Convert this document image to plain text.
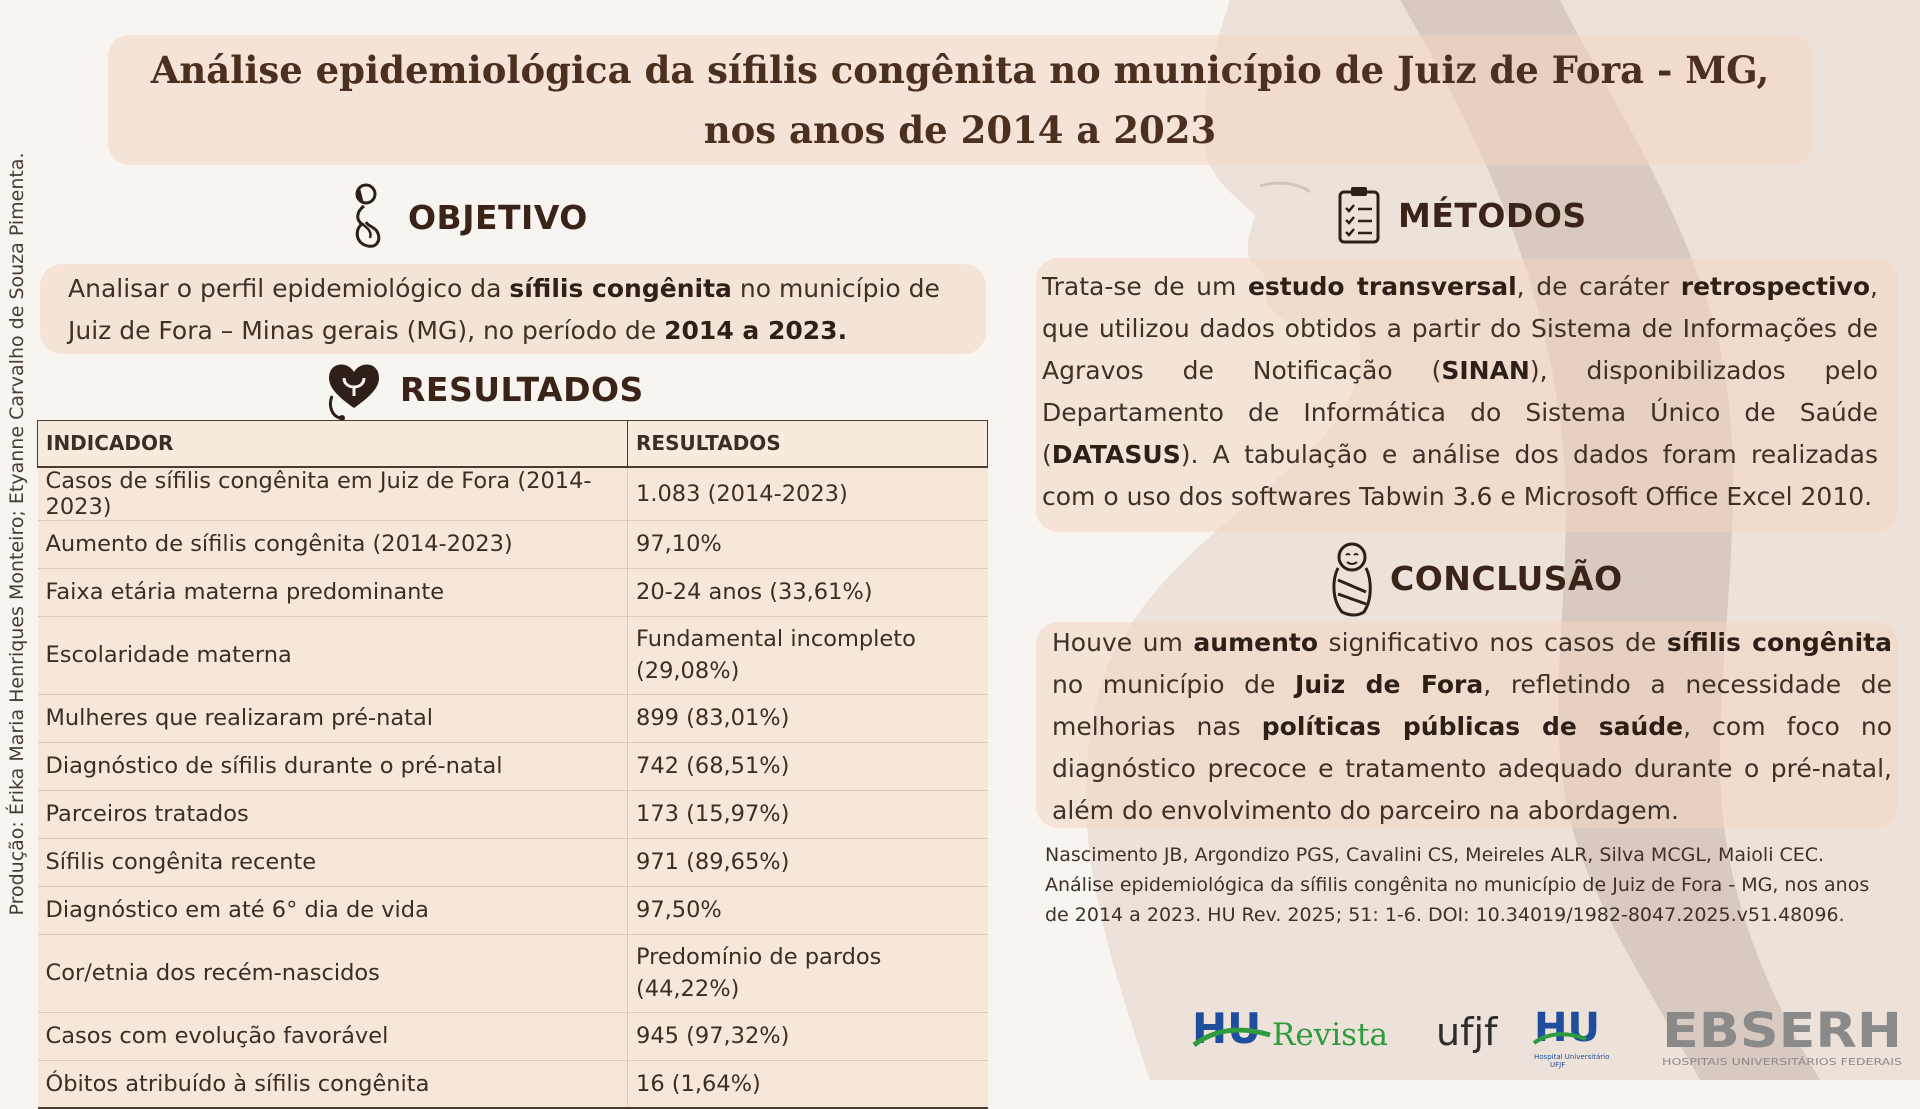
Produção: Érika Maria Henriques Monteiro; Etyanne Carvalho de Souza Pimenta.
Análise epidemiológica da sífilis congênita no município de Juiz de Fora - MG, nos anos de 2014 a 2023
OBJETIVO
Analisar o perfil epidemiológico da sífilis congênita no município de Juiz de Fora – Minas gerais (MG), no período de 2014 a 2023.
RESULTADOS
INDICADOR	RESULTADOS
Casos de sífilis congênita em Juiz de Fora (2014-2023)	1.083 (2014-2023)
Aumento de sífilis congênita (2014-2023)	97,10%
Faixa etária materna predominante	20-24 anos (33,61%)
Escolaridade materna	Fundamental incompleto (29,08%)
Mulheres que realizaram pré-natal	899 (83,01%)
Diagnóstico de sífilis durante o pré-natal	742 (68,51%)
Parceiros tratados	173 (15,97%)
Sífilis congênita recente	971 (89,65%)
Diagnóstico em até 6° dia de vida	97,50%
Cor/etnia dos recém-nascidos	Predomínio de pardos (44,22%)
Casos com evolução favorável	945 (97,32%)
Óbitos atribuído à sífilis congênita	16 (1,64%)
MÉTODOS
Trata-se de um estudo transversal, de caráter retrospectivo, que utilizou dados obtidos a partir do Sistema de Informações de Agravos de Notificação (SINAN), disponibilizados pelo Departamento de Informática do Sistema Único de Saúde (DATASUS). A tabulação e análise dos dados foram realizadas com o uso dos softwares Tabwin 3.6 e Microsoft Office Excel 2010.
CONCLUSÃO
Houve um aumento significativo nos casos de sífilis congênita no município de Juiz de Fora, refletindo a necessidade de melhorias nas políticas públicas de saúde, com foco no diagnóstico precoce e tratamento adequado durante o pré-natal, além do envolvimento do parceiro na abordagem.
Nascimento JB, Argondizo PGS, Cavalini CS, Meireles ALR, Silva MCGL, Maioli CEC. Análise epidemiológica da sífilis congênita no município de Juiz de Fora - MG, nos anos de 2014 a 2023. HU Rev. 2025; 51: 1-6. DOI: 10.34019/1982-8047.2025.v51.48096.
HU Revista ufjf HU
Hospital Universitário
UFJF
EBSERH
HOSPITAIS UNIVERSITÁRIOS FEDERAIS
